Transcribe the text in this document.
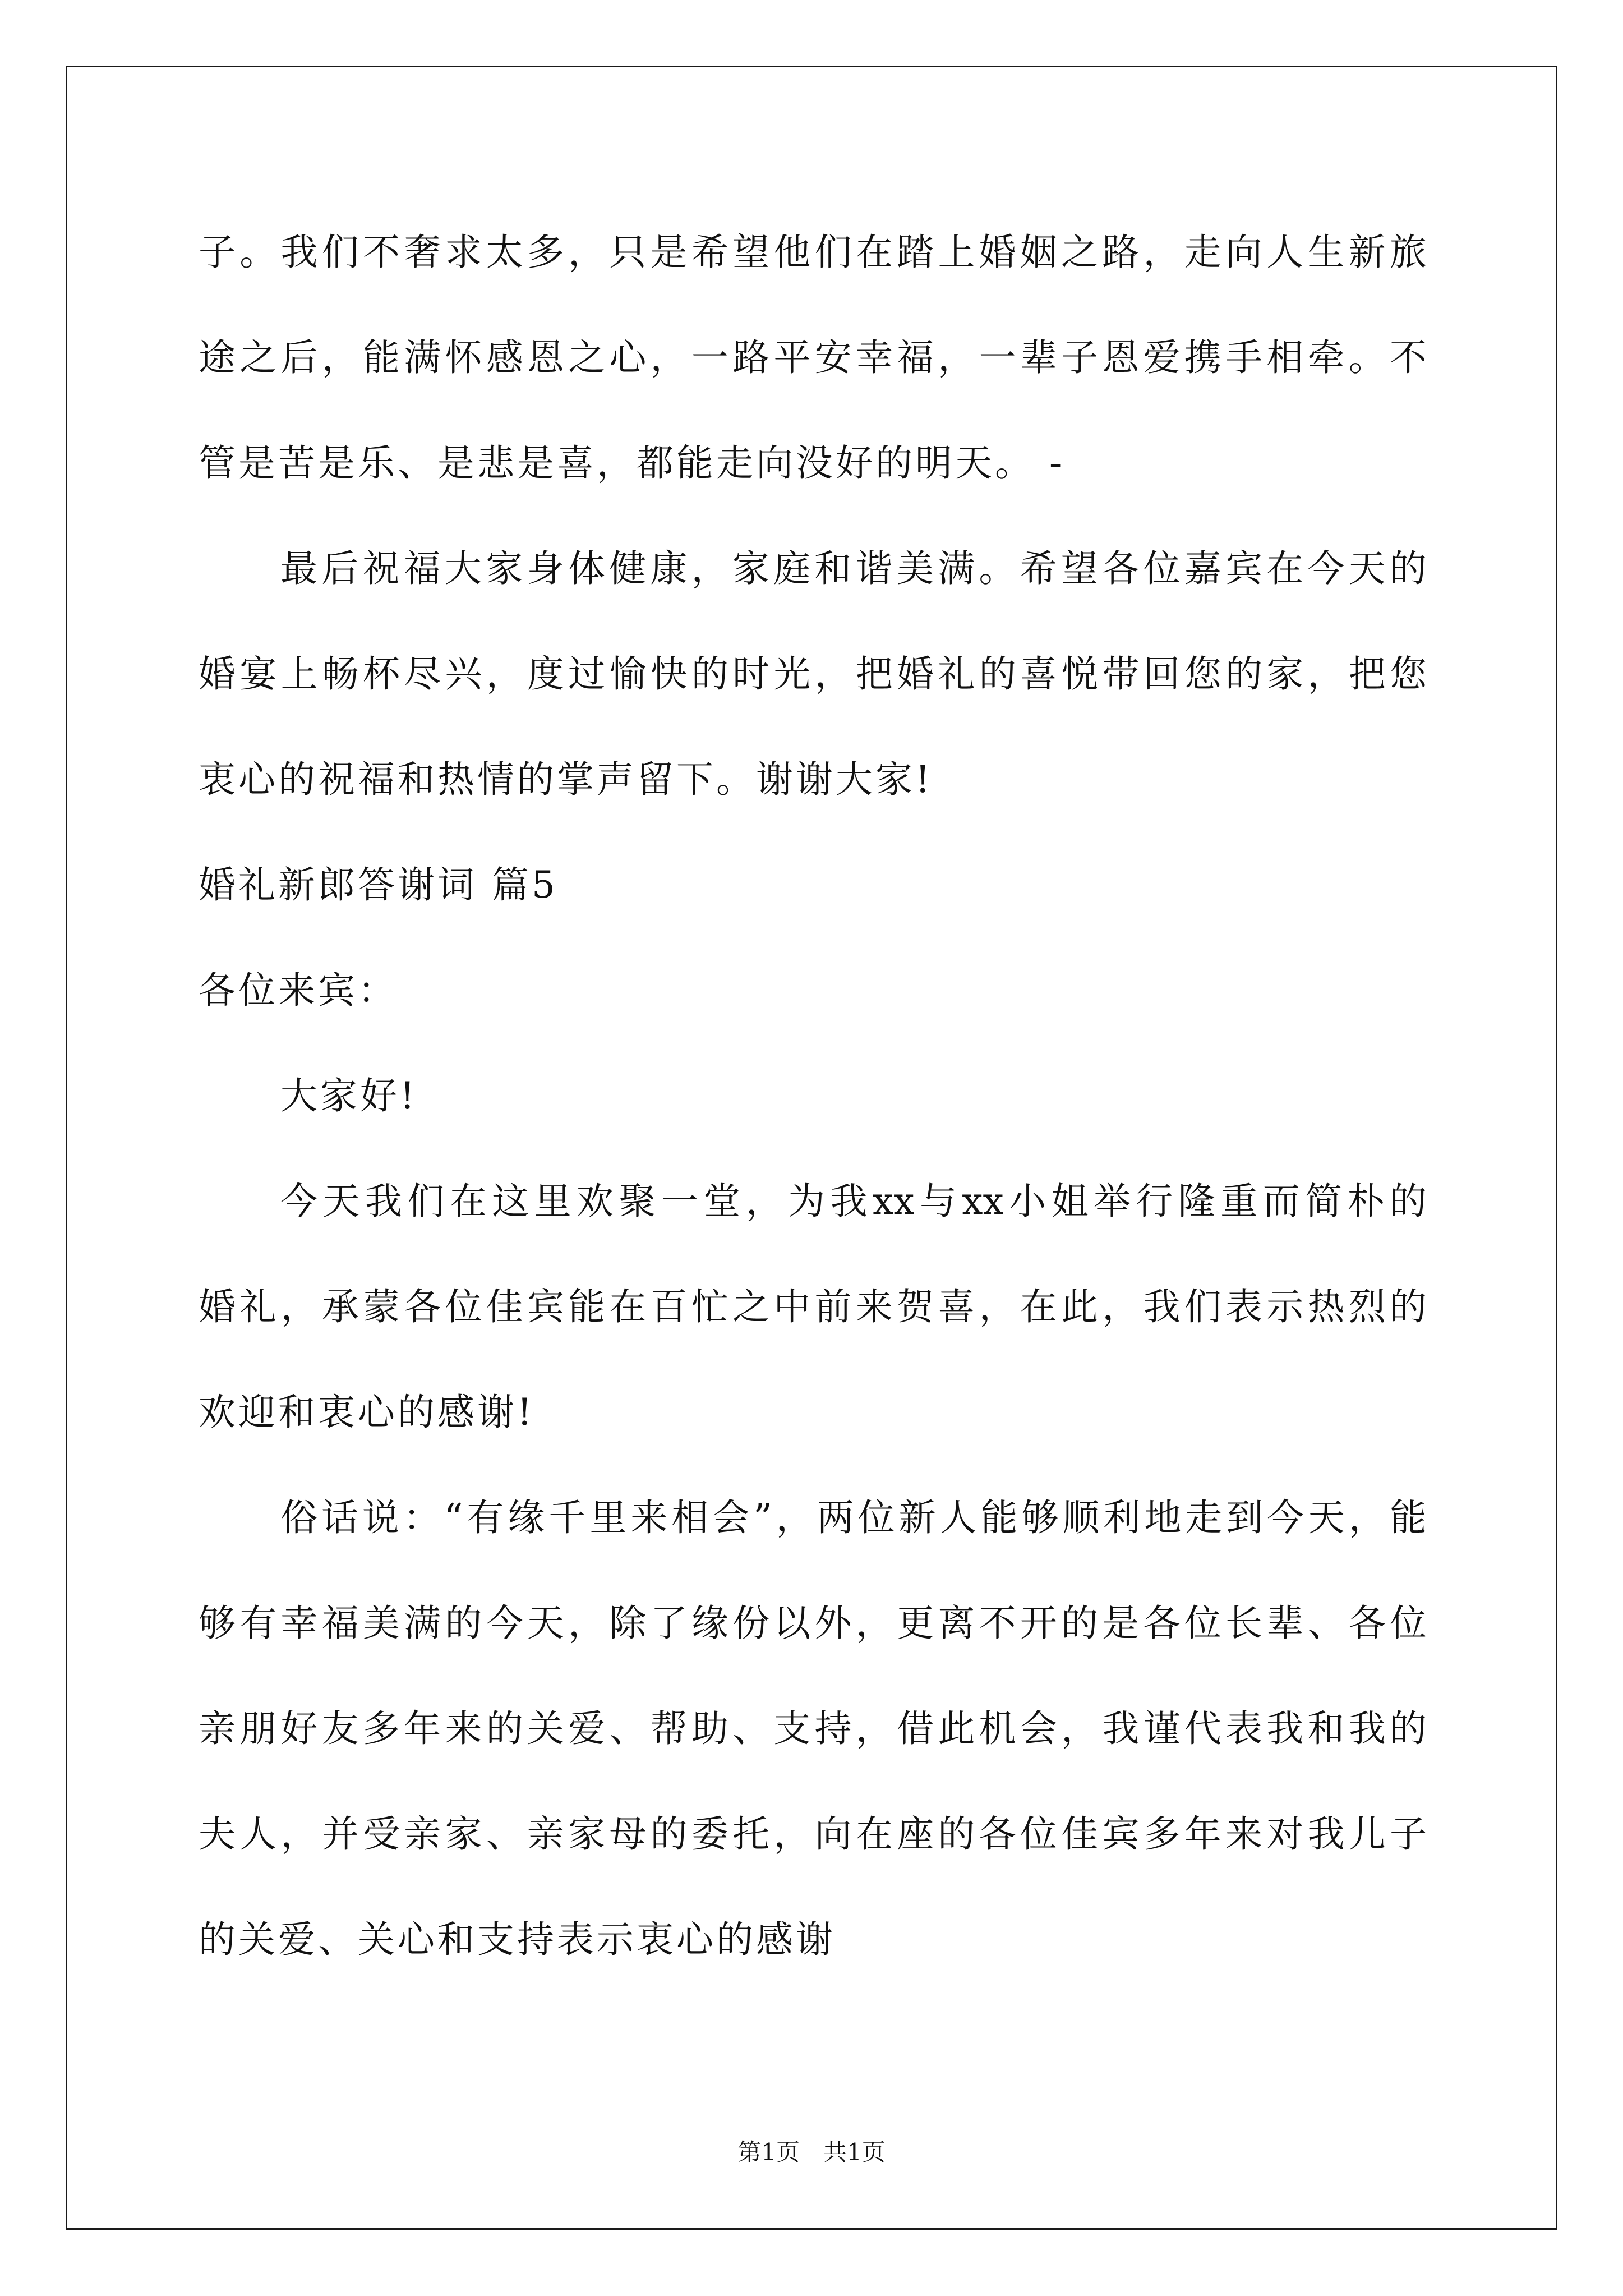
子。我们不奢求太多，只是希望他们在踏上婚姻之路，走向人生新旅
途之后，能满怀感恩之心，一路平安幸福，一辈子恩爱携手相牵。不
管是苦是乐、是悲是喜，都能走向没好的明天。 -
最后祝福大家身体健康，家庭和谐美满。希望各位嘉宾在今天的
婚宴上畅杯尽兴，度过愉快的时光，把婚礼的喜悦带回您的家，把您
衷心的祝福和热情的掌声留下。谢谢大家!
婚礼新郎答谢词 篇5
各位来宾：
大家好!
今天我们在这里欢聚一堂，为我xx与xx小姐举行隆重而简朴的
婚礼，承蒙各位佳宾能在百忙之中前来贺喜，在此，我们表示热烈的
欢迎和衷心的感谢!
俗话说：“有缘千里来相会”，两位新人能够顺利地走到今天，能
够有幸福美满的今天，除了缘份以外，更离不开的是各位长辈、各位
亲朋好友多年来的关爱、帮助、支持，借此机会，我谨代表我和我的
夫人，并受亲家、亲家母的委托，向在座的各位佳宾多年来对我儿子
的关爱、关心和支持表示衷心的感谢
第1页　共1页
